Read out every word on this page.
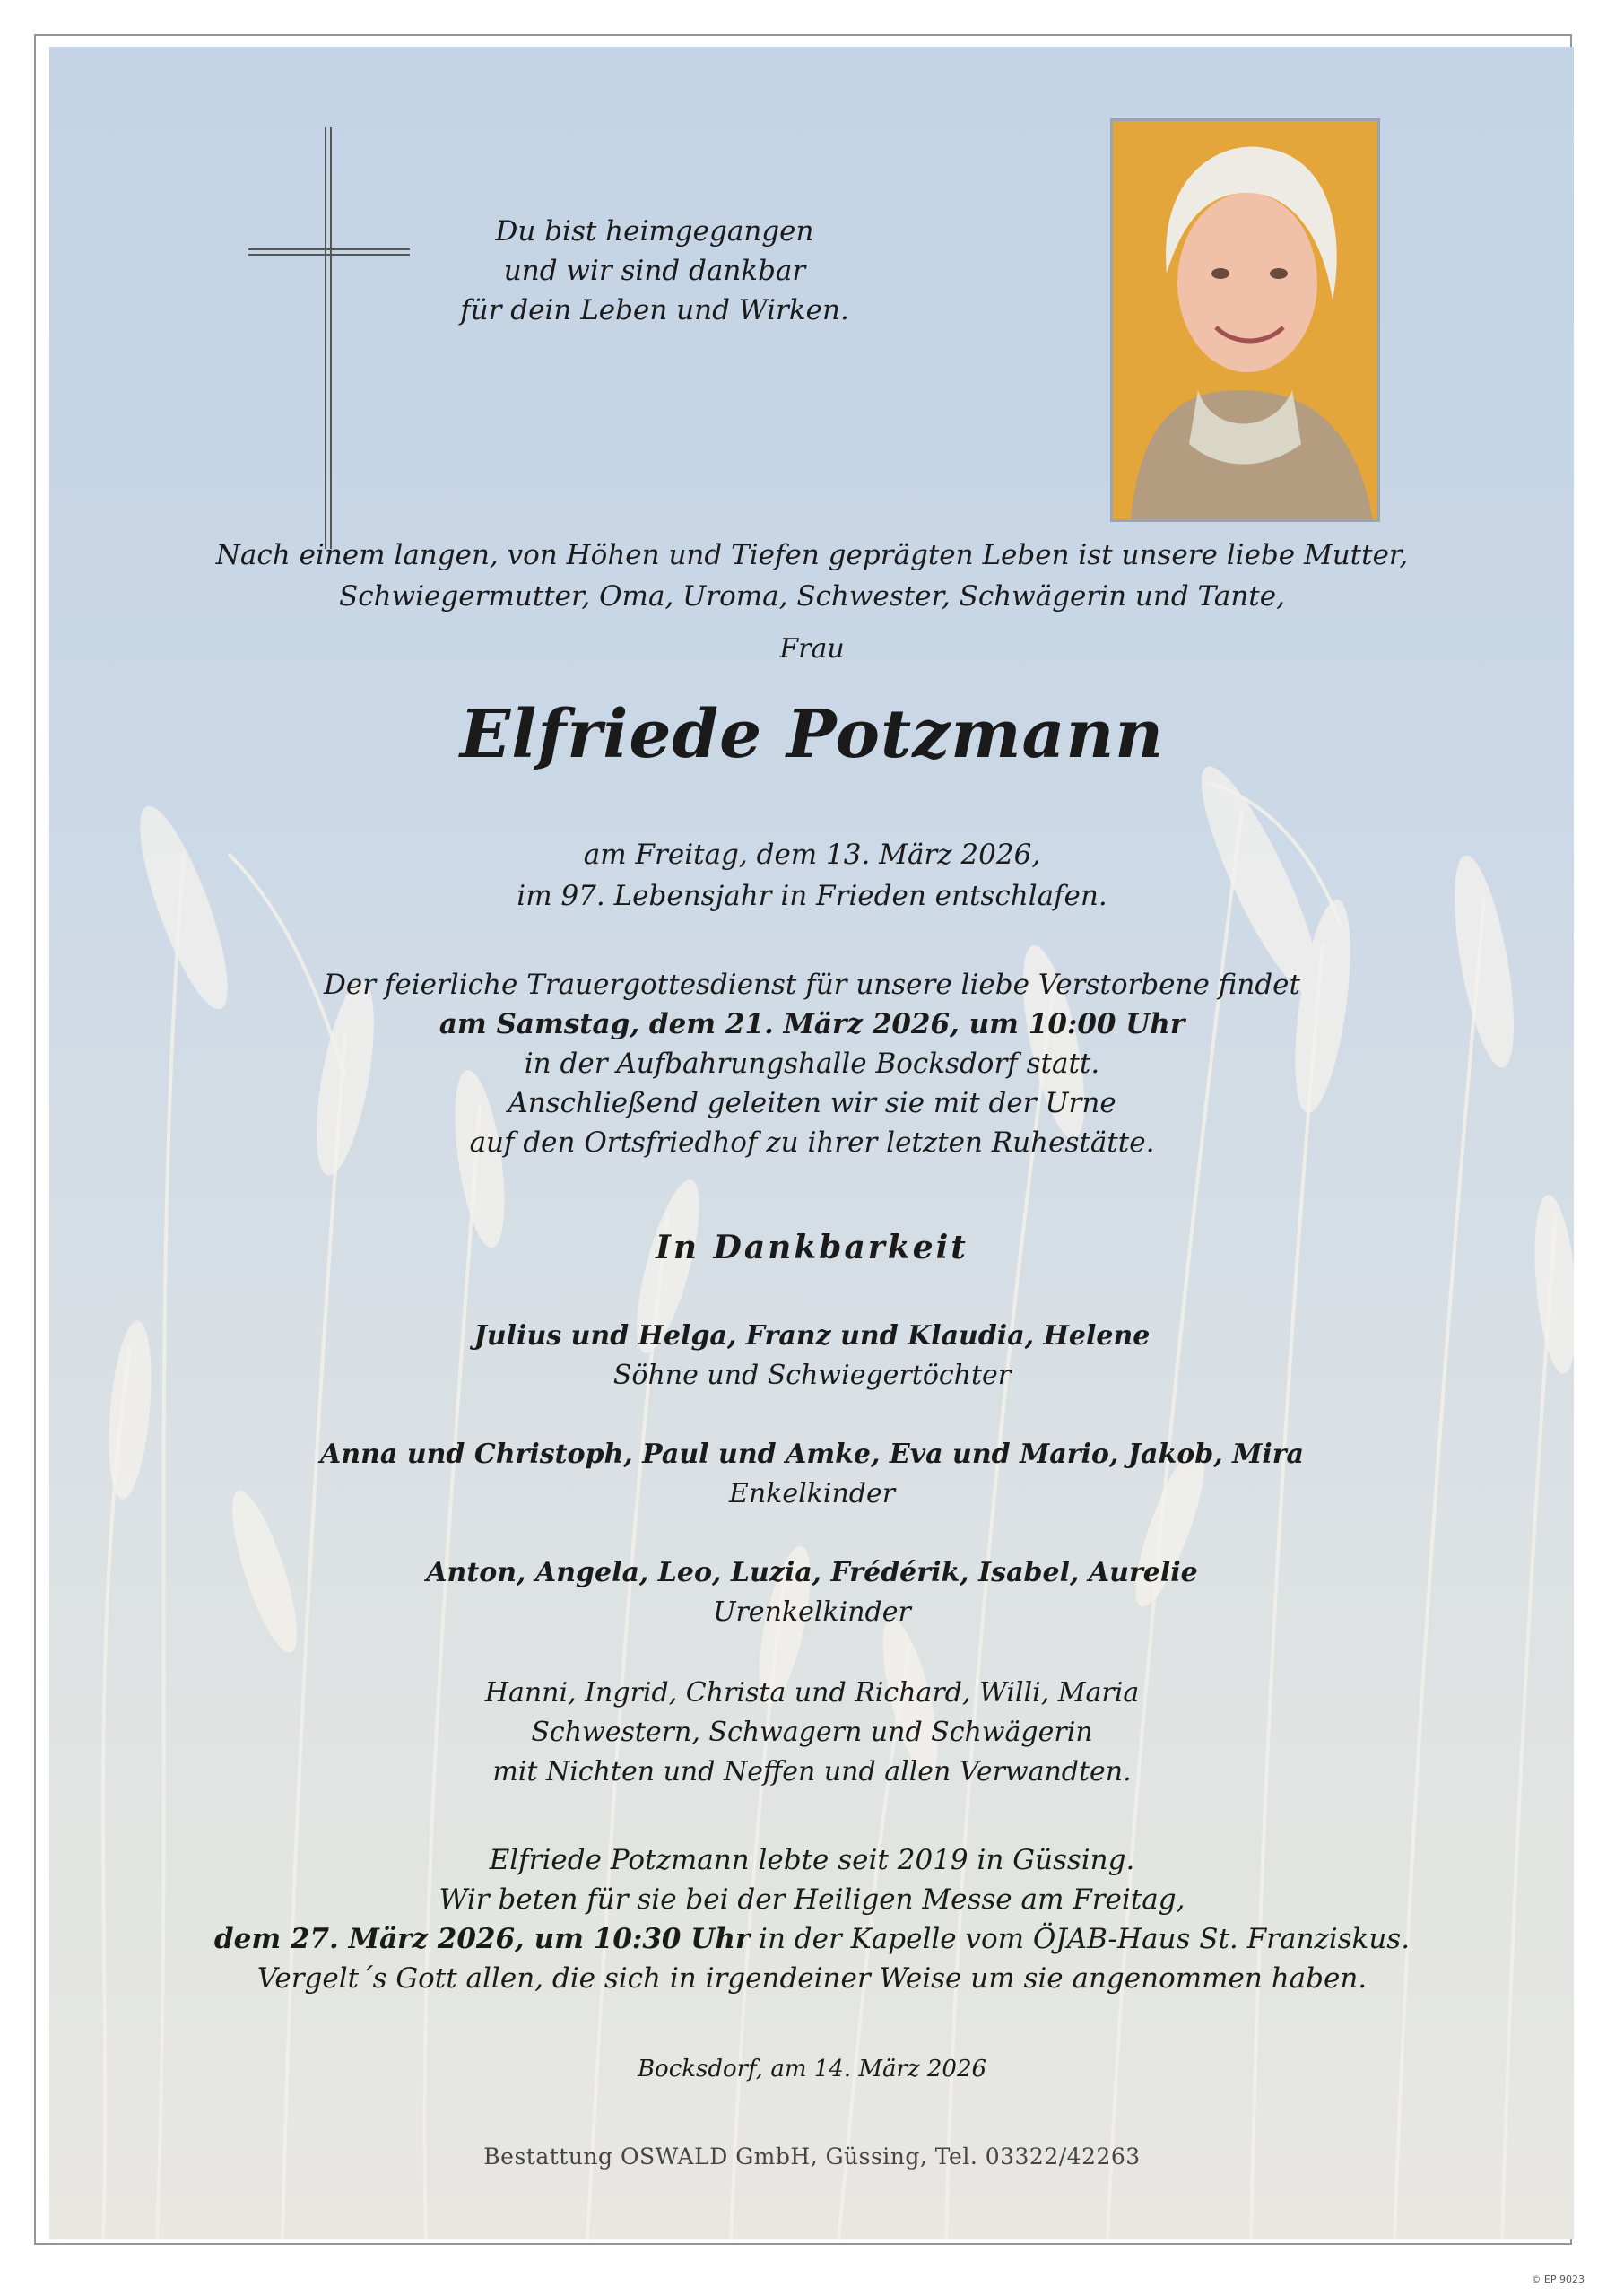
Du bist heimgegangen
und wir sind dankbar
für dein Leben und Wirken.
Nach einem langen, von Höhen und Tiefen geprägten Leben ist unsere liebe Mutter,
Schwiegermutter, Oma, Uroma, Schwester, Schwägerin und Tante,
Frau
Elfriede Potzmann
am Freitag, dem 13. März 2026,
im 97. Lebensjahr in Frieden entschlafen.
Der feierliche Trauergottesdienst für unsere liebe Verstorbene findet
am Samstag, dem 21. März 2026, um 10:00 Uhr
in der Aufbahrungshalle Bocksdorf statt.
Anschließend geleiten wir sie mit der Urne
auf den Ortsfriedhof zu ihrer letzten Ruhestätte.
In Dankbarkeit
Julius und Helga, Franz und Klaudia, Helene
Söhne und Schwiegertöchter
Anna und Christoph, Paul und Amke, Eva und Mario, Jakob, Mira
Enkelkinder
Anton, Angela, Leo, Luzia, Frédérik, Isabel, Aurelie
Urenkelkinder
Hanni, Ingrid, Christa und Richard, Willi, Maria
Schwestern, Schwagern und Schwägerin
mit Nichten und Neffen und allen Verwandten.
Elfriede Potzmann lebte seit 2019 in Güssing.
Wir beten für sie bei der Heiligen Messe am Freitag,
dem 27. März 2026, um 10:30 Uhr in der Kapelle vom ÖJAB-Haus St. Franziskus.
Vergelt´s Gott allen, die sich in irgendeiner Weise um sie angenommen haben.
Bocksdorf, am 14. März 2026
Bestattung OSWALD GmbH, Güssing, Tel. 03322/42263
© EP 9023
